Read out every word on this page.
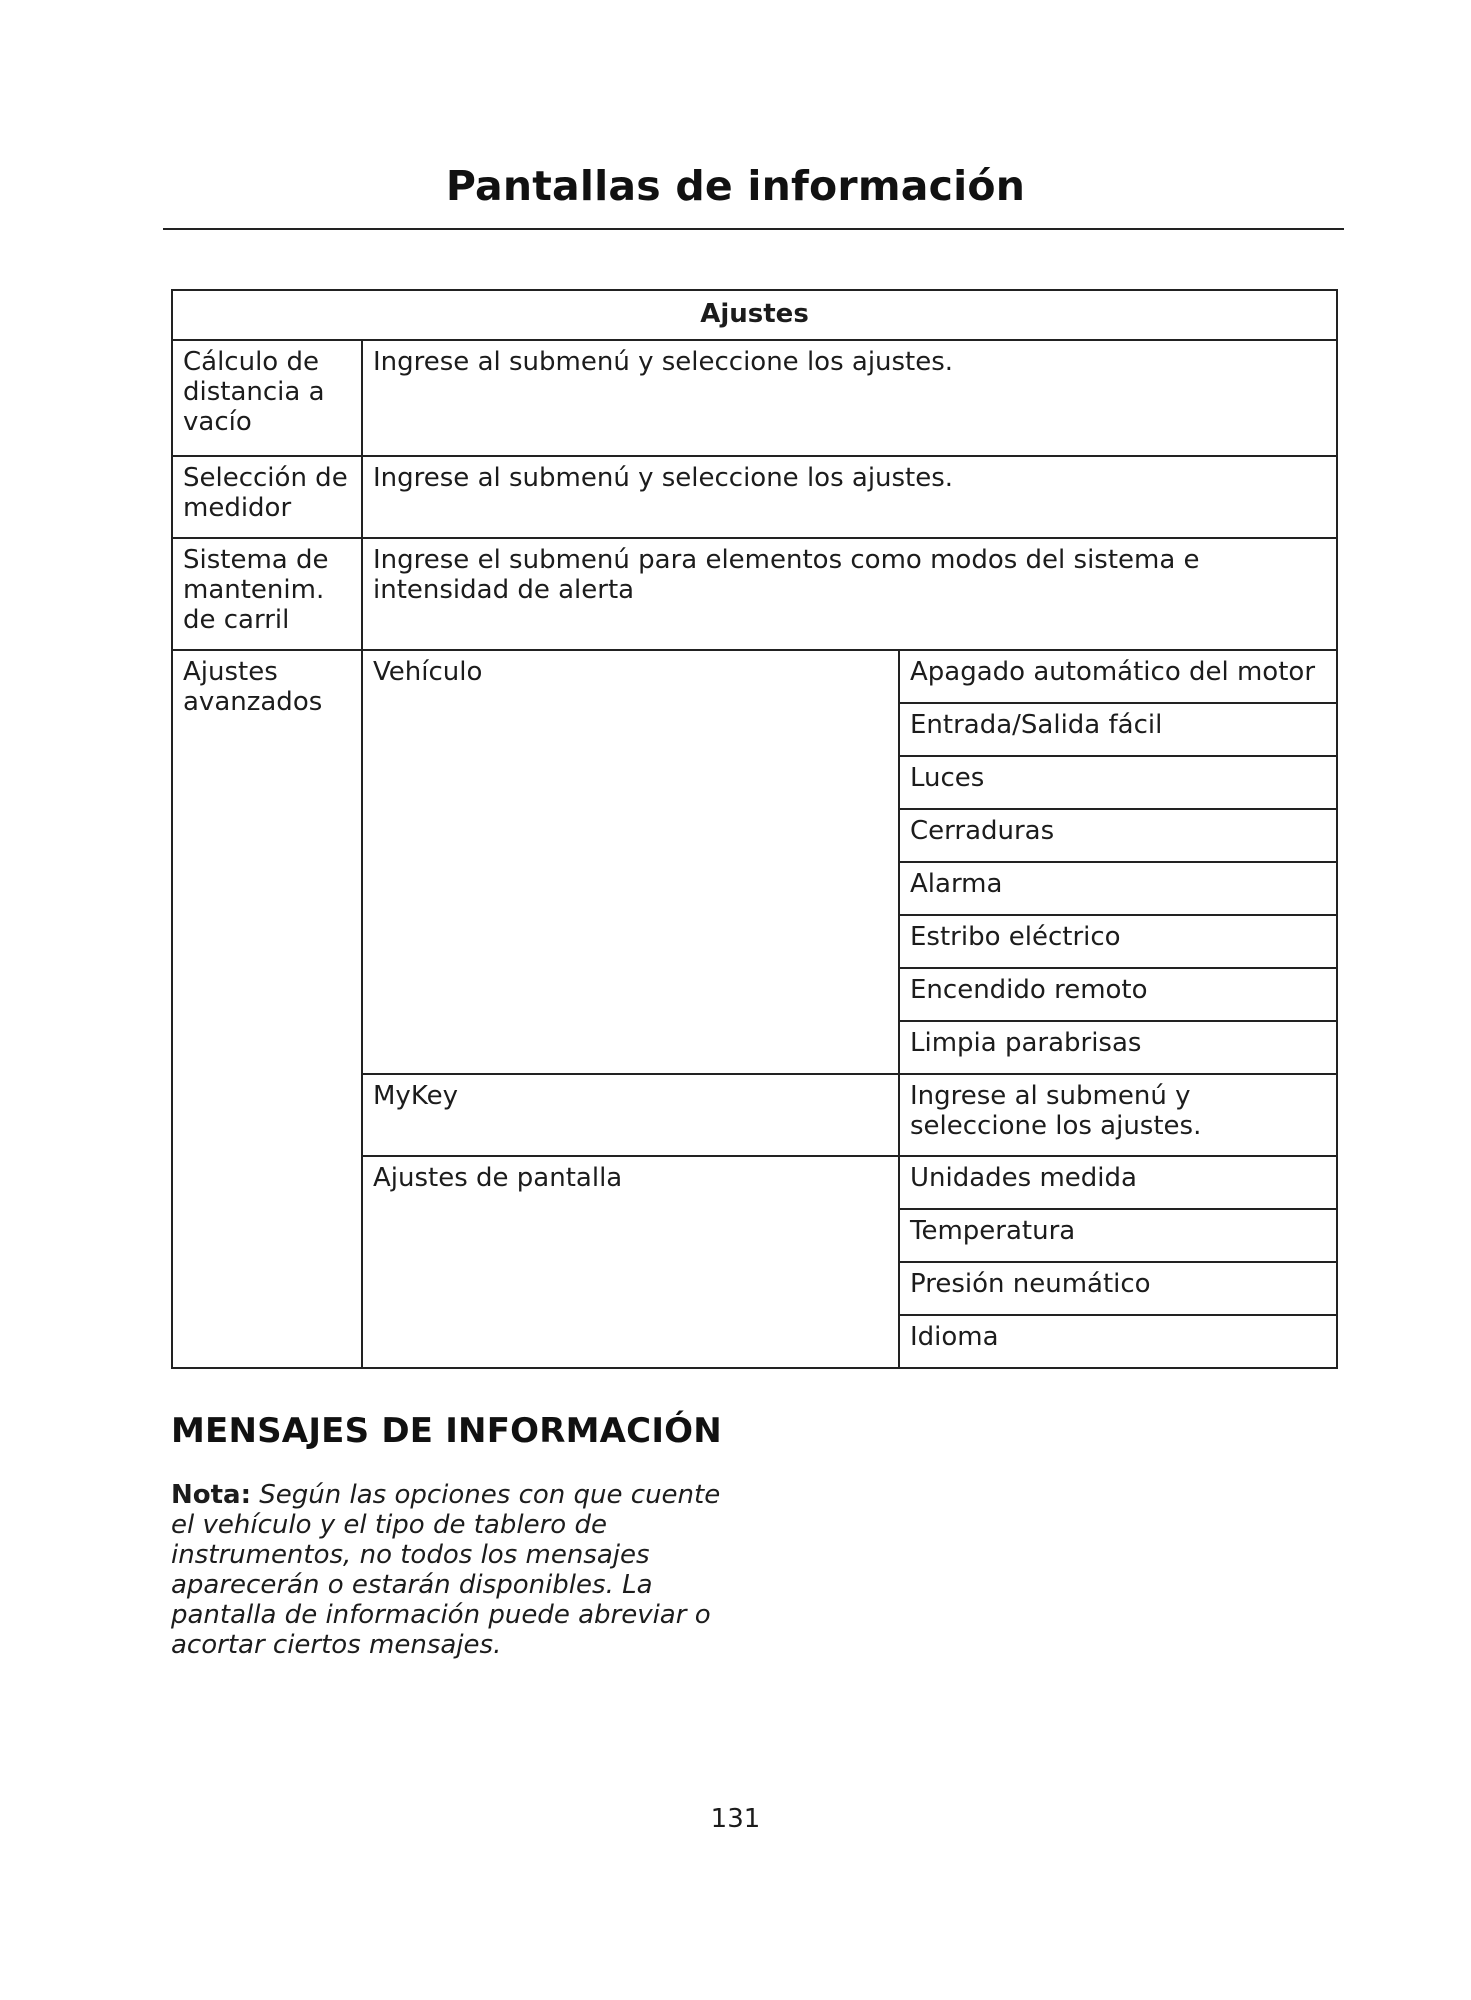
Pantallas de información
Ajustes		
Cálculo de distancia a vacío	Ingrese al submenú y seleccione los ajustes.	
Selección de medidor	Ingrese al submenú y seleccione los ajustes.	
Sistema de mantenim. de carril	Ingrese el submenú para elementos como modos del sistema e intensidad de alerta	
Ajustes avanzados	Vehículo	Apagado automático del motor
		Entrada/Salida fácil
		Luces
		Cerraduras
		Alarma
		Estribo eléctrico
		Encendido remoto
		Limpia parabrisas
	MyKey	Ingrese al submenú y seleccione los ajustes.
	Ajustes de pantalla	Unidades medida
		Temperatura
		Presión neumático
		Idioma
MENSAJES DE INFORMACIÓN
Nota: Según las opciones con que cuente el vehículo y el tipo de tablero de instrumentos, no todos los mensajes aparecerán o estarán disponibles. La pantalla de información puede abreviar o acortar ciertos mensajes.
131
